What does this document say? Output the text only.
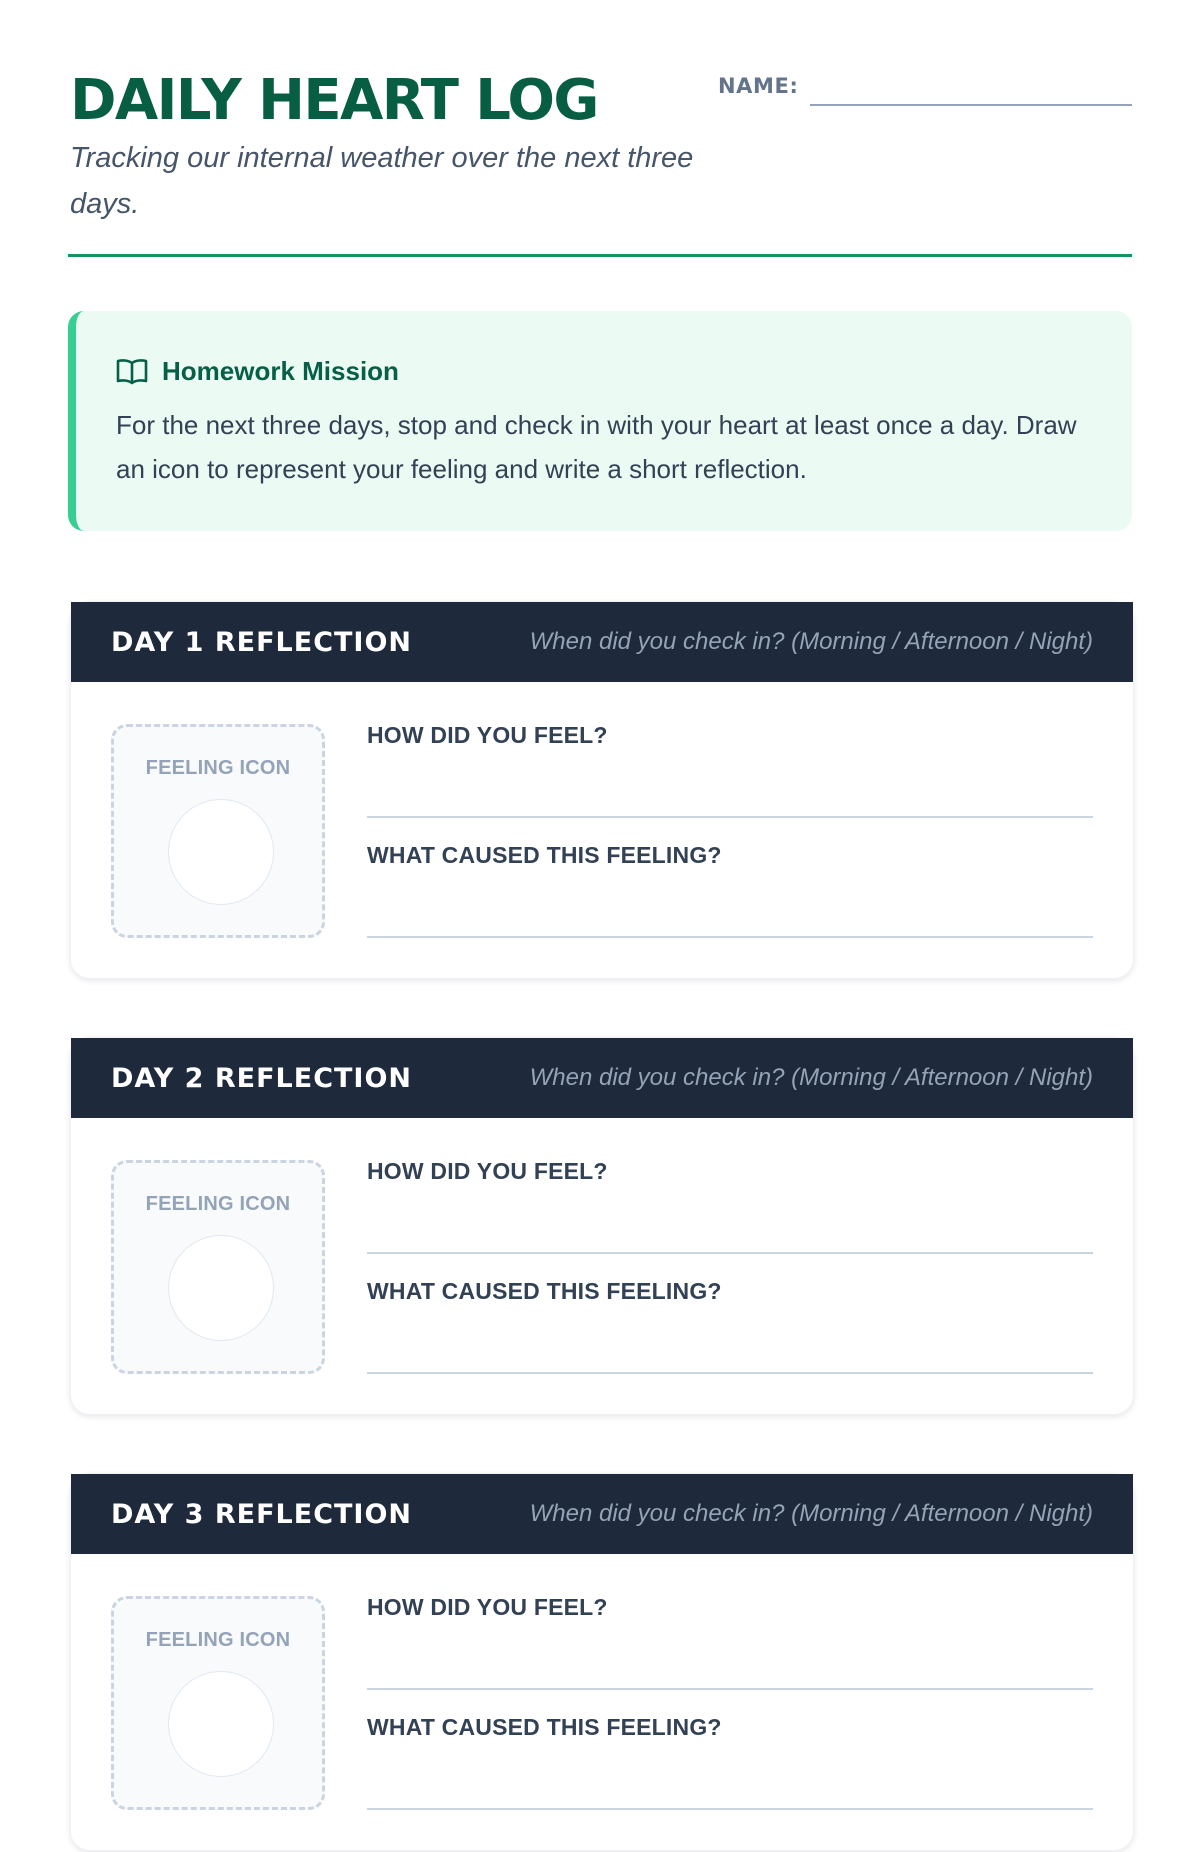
DAILY HEART LOG

Tracking our internal weather over the next three days.

NAME:
Homework Mission

For the next three days, stop and check in with your heart at least once a day. Draw an icon to represent your feeling and write a short reflection.

DAY 1 REFLECTION	When did you check in? (Morning / Afternoon / Night)
FEELING ICON
HOW DID YOU FEEL?
WHAT CAUSED THIS FEELING?
DAY 2 REFLECTION	When did you check in? (Morning / Afternoon / Night)
FEELING ICON
HOW DID YOU FEEL?
WHAT CAUSED THIS FEELING?
DAY 3 REFLECTION	When did you check in? (Morning / Afternoon / Night)
FEELING ICON
HOW DID YOU FEEL?
WHAT CAUSED THIS FEELING?
